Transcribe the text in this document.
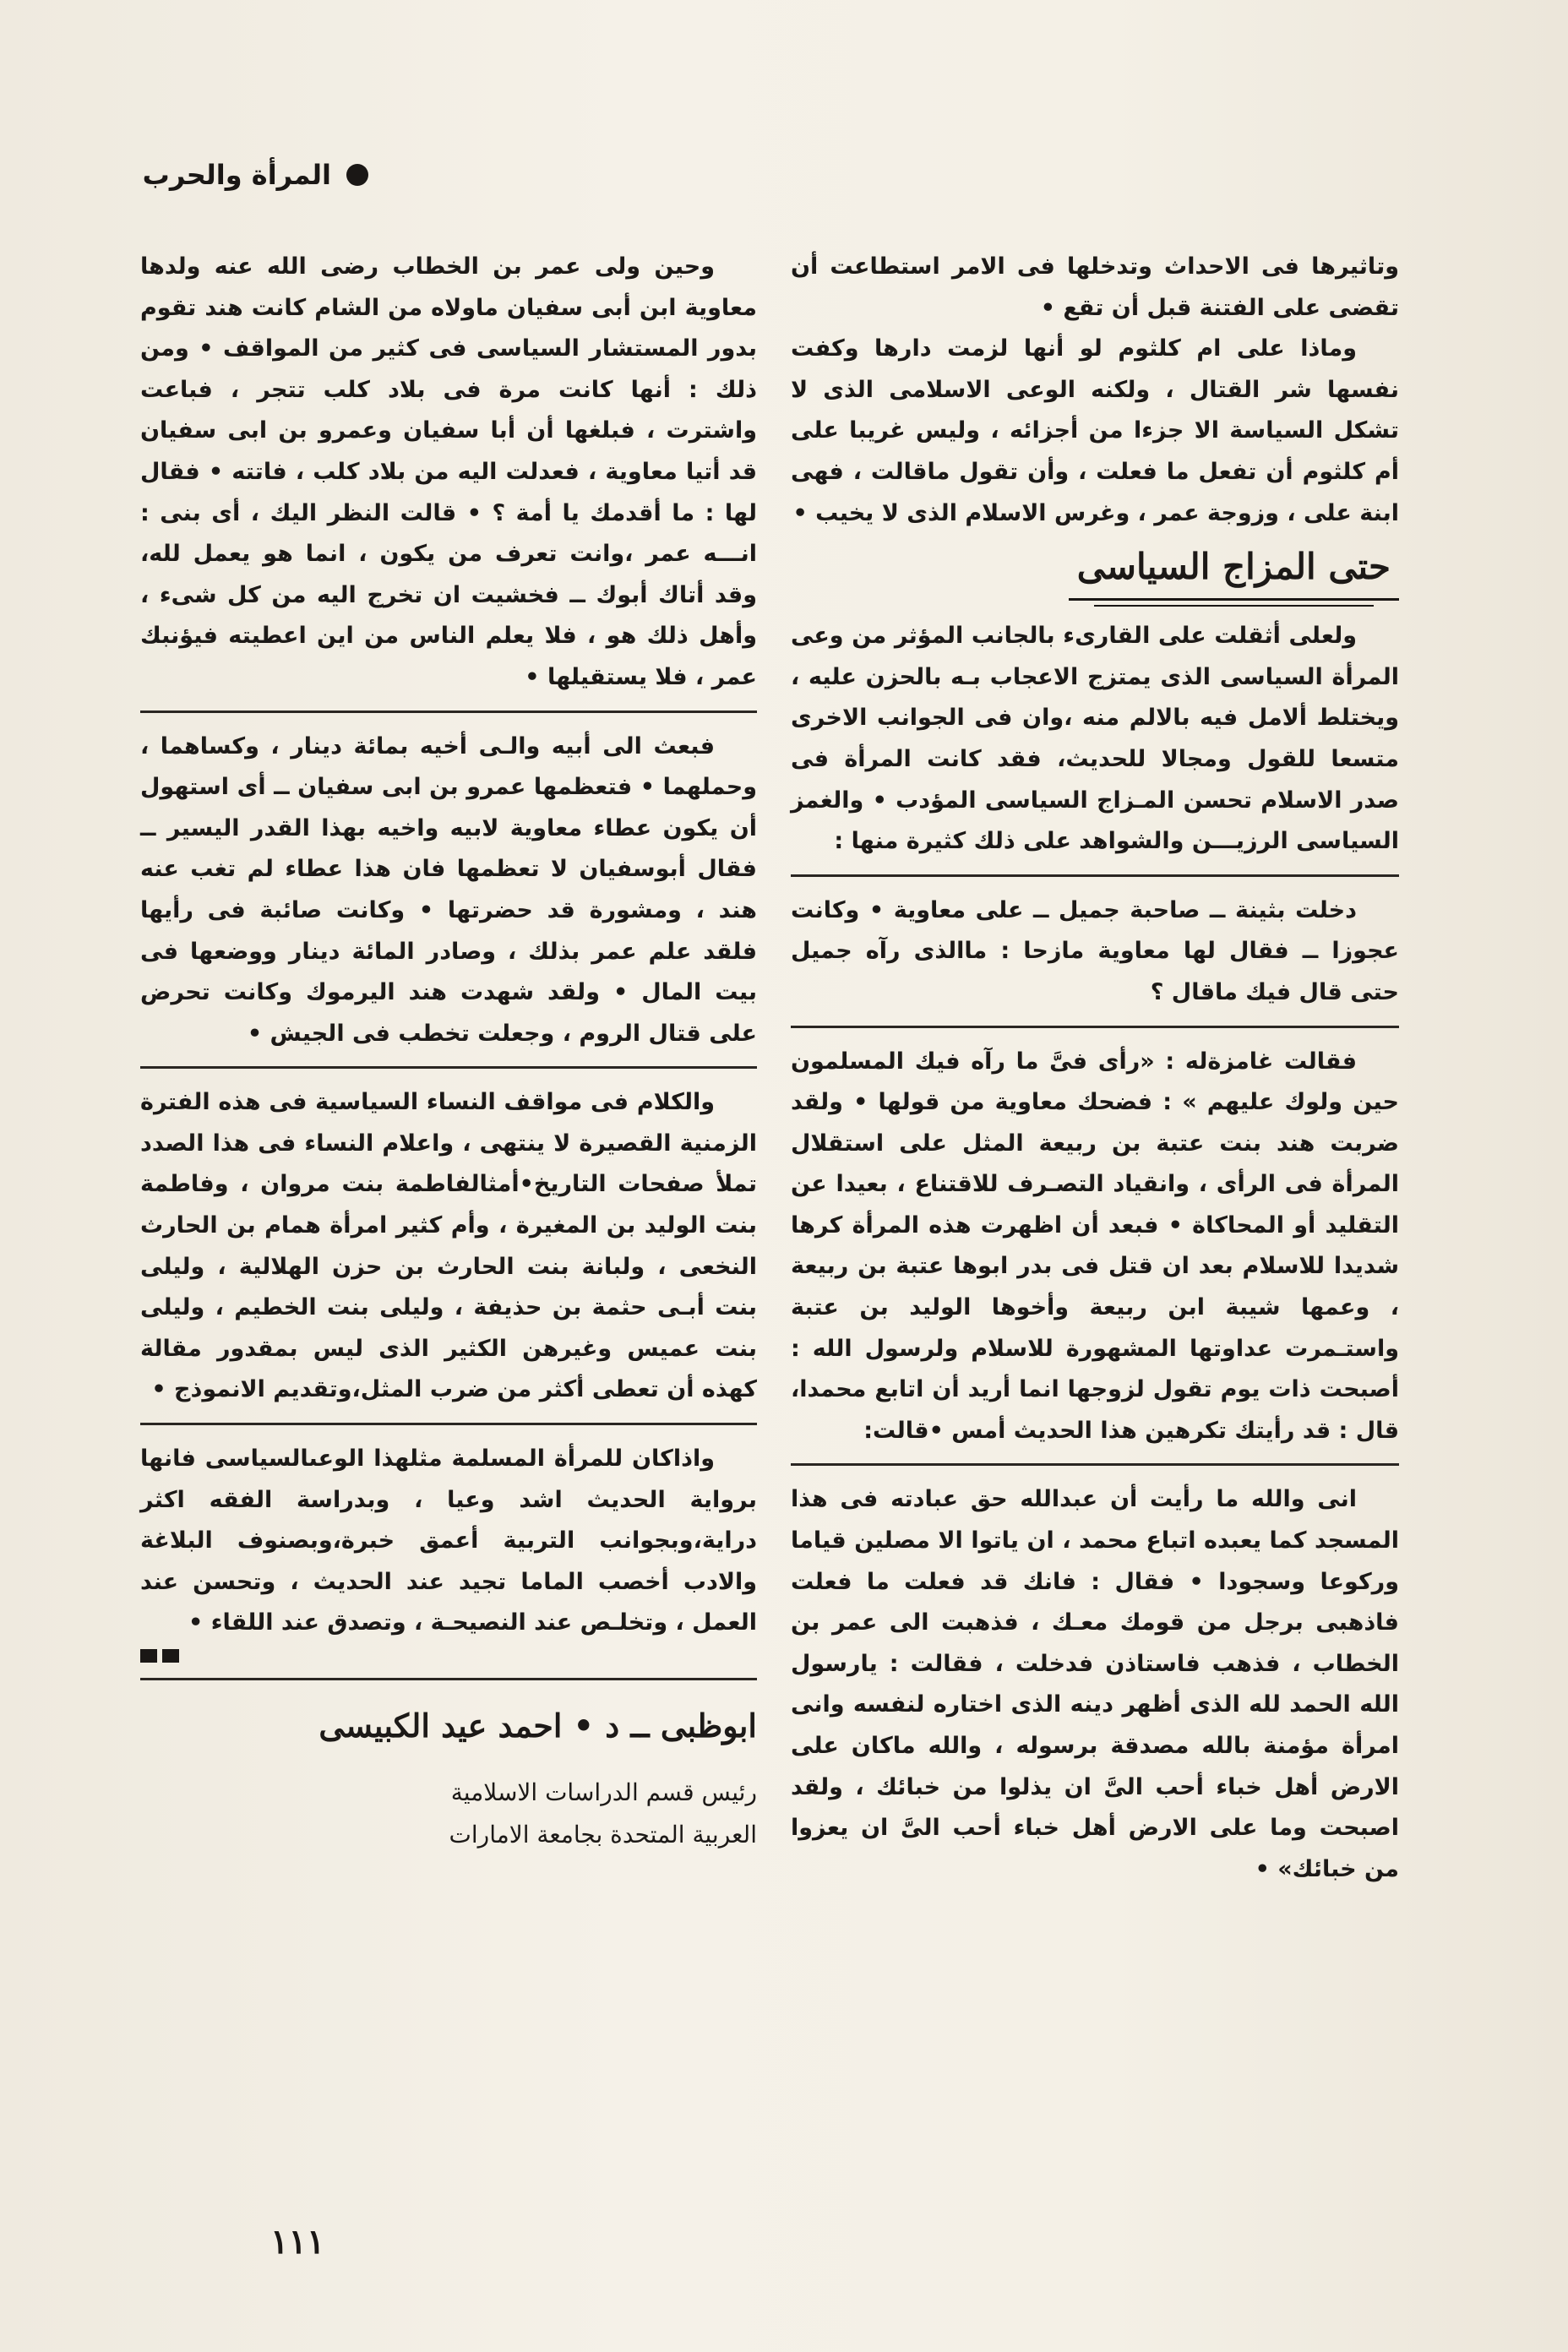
المرأة والحرب

وتاثيرها فى الاحداث وتدخلها فى الامر استطاعت أن تقضى على الفتنة قبل أن تقع •

وماذا على ام كلثوم لو أنها لزمت دارها وكفت نفسها شر القتال ، ولكنه الوعى الاسلامى الذى لا تشكل السياسة الا جزءا من أجزائه ، وليس غريبا على أم كلثوم أن تفعل ما فعلت ، وأن تقول ماقالت ، فهى ابنة على ، وزوجة عمر ، وغرس الاسلام الذى لا يخيب •

حتى المزاج السياسى

ولعلى أثقلت على القارىء بالجانب المؤثر من وعى المرأة السياسى الذى يمتزج الاعجاب بـه بالحزن عليه ، ويختلط ألامل فيه بالالم منه ،وان فى الجوانب الاخرى متسعا للقول ومجالا للحديث، فقد كانت المرأة فى صدر الاسلام تحسن المـزاج السياسى المؤدب • والغمز السياسى الرزيـــن والشواهد على ذلك كثيرة منها :

دخلت بثينة ــ صاحبة جميل ــ على معاوية • وكانت عجوزا ــ فقال لها معاوية مازحا : ماالذى رآه جميل حتى قال فيك ماقال ؟

فقالت غامزةله : «رأى فىَّ ما رآه فيك المسلمون حين ولوك عليهم » : فضحك معاوية من قولها • ولقد ضربت هند بنت عتبة بن ربيعة المثل على استقلال المرأة فى الرأى ، وانقياد التصـرف للاقتناع ، بعيدا عن التقليد أو المحاكاة • فبعد أن اظهرت هذه المرأة كرها شديدا للاسلام بعد ان قتل فى بدر ابوها عتبة بن ربيعة ، وعمها شيبة ابن ربيعة وأخوها الوليد بن عتبة واستـمرت عداوتها المشهورة للاسلام ولرسول الله : أصبحت ذات يوم تقول لزوجها انما أريد أن اتابع محمدا، قال : قد رأيتك تكرهين هذا الحديث أمس •قالت:

انى والله ما رأيت أن عبدالله حق عبادته فى هذا المسجد كما يعبده اتباع محمد ، ان ياتوا الا مصلين قياما وركوعا وسجودا • فقال : فانك قد فعلت ما فعلت فاذهبى برجل من قومك معـك ، فذهبت الى عمر بن الخطاب ، فذهب فاستاذن فدخلت ، فقالت : يارسول الله الحمد لله الذى أظهر دينه الذى اختاره لنفسه وانى امرأة مؤمنة بالله مصدقة برسوله ، والله ماكان على الارض أهل خباء أحب الىَّ ان يذلوا من خبائك ، ولقد اصبحت وما على الارض أهل خباء أحب الىَّ ان يعزوا من خبائك» •

وحين ولى عمر بن الخطاب رضى الله عنه ولدها معاوية ابن أبى سفيان ماولاه من الشام كانت هند تقوم بدور المستشار السياسى فى كثير من المواقف • ومن ذلك : أنها كانت مرة فى بلاد كلب تتجر ، فباعت واشترت ، فبلغها أن أبا سفيان وعمرو بن ابى سفيان قد أتيا معاوية ، فعدلت اليه من بلاد كلب ، فاتته • فقال لها : ما أقدمك يا أمة ؟ • قالت النظر اليك ، أى بنى : انـــه عمر ،وانت تعرف من يكون ، انما هو يعمل لله، وقد أتاك أبوك ــ فخشيت ان تخرج اليه من كل شىء ، وأهل ذلك هو ، فلا يعلم الناس من اين اعطيته فيؤنبك عمر ، فلا يستقيلها •

فبعث الى أبيه والـى أخيه بمائة دينار ، وكساهما ، وحملهما • فتعظمها عمرو بن ابى سفيان ــ أى استهول أن يكون عطاء معاوية لابيه واخيه بهذا القدر اليسير ــ فقال أبوسفيان لا تعظمها فان هذا عطاء لم تغب عنه هند ، ومشورة قد حضرتها • وكانت صائبة فى رأيها فلقد علم عمر بذلك ، وصادر المائة دينار ووضعها فى بيت المال • ولقد شهدت هند اليرموك وكانت تحرض على قتال الروم ، وجعلت تخطب فى الجيش •

والكلام فى مواقف النساء السياسية فى هذه الفترة الزمنية القصيرة لا ينتهى ، واعلام النساء فى هذا الصدد تملأ صفحات التاريخ•أمثالفاطمة بنت مروان ، وفاطمة بنت الوليد بن المغيرة ، وأم كثير امرأة همام بن الحارث النخعى ، ولبانة بنت الحارث بن حزن الهلالية ، وليلى بنت أبـى حثمة بن حذيفة ، وليلى بنت الخطيم ، وليلى بنت عميس وغيرهن الكثير الذى ليس بمقدور مقالة كهذه أن تعطى أكثر من ضرب المثل،وتقديم الانموذج •

واذاكان للمرأة المسلمة مثلهذا الوعىالسياسى فانها برواية الحديث اشد وعيا ، وبدراسة الفقه اكثر دراية،وبجوانب التربية أعمق خبرة،وبصنوف البلاغة والادب أخصب الماما تجيد عند الحديث ، وتحسن عند العمل ، وتخلـص عند النصيحـة ، وتصدق عند اللقاء •

ابوظبى ــ د • احمد عيد الكبيسى
رئيس قسم الدراسات الاسلامية
العربية المتحدة بجامعة الامارات
١١١
